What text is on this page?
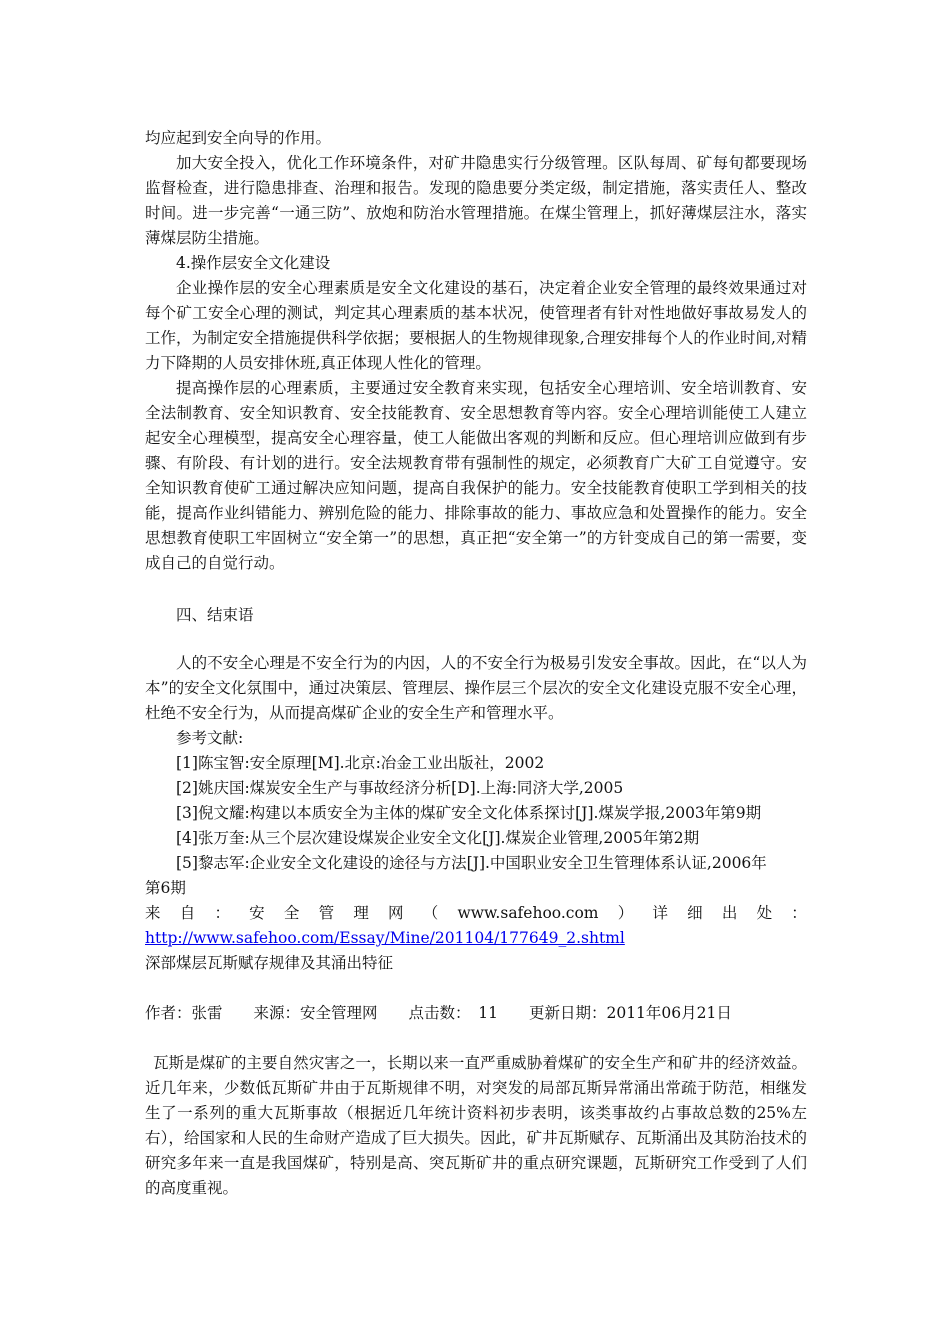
均应起到安全向导的作用。

加大安全投入，优化工作环境条件，对矿井隐患实行分级管理。区队每周、矿每旬都要现场监督检查，进行隐患排查、治理和报告。发现的隐患要分类定级，制定措施，落实责任人、整改时间。进一步完善“一通三防”、放炮和防治水管理措施。在煤尘管理上，抓好薄煤层注水，落实薄煤层防尘措施。

4.操作层安全文化建设

企业操作层的安全心理素质是安全文化建设的基石，决定着企业安全管理的最终效果通过对每个矿工安全心理的测试，判定其心理素质的基本状况，使管理者有针对性地做好事故易发人的工作，为制定安全措施提供科学依据；要根据人的生物规律现象,合理安排每个人的作业时间,对精力下降期的人员安排休班,真正体现人性化的管理。

提高操作层的心理素质，主要通过安全教育来实现，包括安全心理培训、安全培训教育、安全法制教育、安全知识教育、安全技能教育、安全思想教育等内容。安全心理培训能使工人建立起安全心理模型，提高安全心理容量，使工人能做出客观的判断和反应。但心理培训应做到有步骤、有阶段、有计划的进行。安全法规教育带有强制性的规定，必须教育广大矿工自觉遵守。安全知识教育使矿工通过解决应知问题，提高自我保护的能力。安全技能教育使职工学到相关的技能，提高作业纠错能力、辨别危险的能力、排除事故的能力、事故应急和处置操作的能力。安全思想教育使职工牢固树立“安全第一”的思想，真正把“安全第一”的方针变成自己的第一需要，变成自己的自觉行动。

四、结束语

人的不安全心理是不安全行为的内因，人的不安全行为极易引发安全事故。因此，在“以人为本”的安全文化氛围中，通过决策层、管理层、操作层三个层次的安全文化建设克服不安全心理，杜绝不安全行为，从而提高煤矿企业的安全生产和管理水平。

参考文献:
[1]陈宝智:安全原理[M].北京:冶金工业出版社，2002
[2]姚庆国:煤炭安全生产与事故经济分析[D].上海:同济大学,2005
[3]倪文耀:构建以本质安全为主体的煤矿安全文化体系探讨[J].煤炭学报,2003年第9期
[4]张万奎:从三个层次建设煤炭企业安全文化[J].煤炭企业管理,2005年第2期
[5]黎志军:企业安全文化建设的途径与方法[J].中国职业安全卫生管理体系认证,2006年
第6期
来 自 ： 安 全 管 理 网 （ www.safehoo.com ） 详 细 出 处 ：
http://www.safehoo.com/Essay/Mine/201104/177649_2.shtml
深部煤层瓦斯赋存规律及其涌出特征
作者：张雷　　来源：安全管理网　　点击数：　11　　更新日期：2011年06月21日

瓦斯是煤矿的主要自然灾害之一，长期以来一直严重威胁着煤矿的安全生产和矿井的经济效益。近几年来，少数低瓦斯矿井由于瓦斯规律不明，对突发的局部瓦斯异常涌出常疏于防范，相继发生了一系列的重大瓦斯事故（根据近几年统计资料初步表明，该类事故约占事故总数的25%左右），给国家和人民的生命财产造成了巨大损失。因此，矿井瓦斯赋存、瓦斯涌出及其防治技术的研究多年来一直是我国煤矿，特别是高、突瓦斯矿井的重点研究课题，瓦斯研究工作受到了人们的高度重视。
